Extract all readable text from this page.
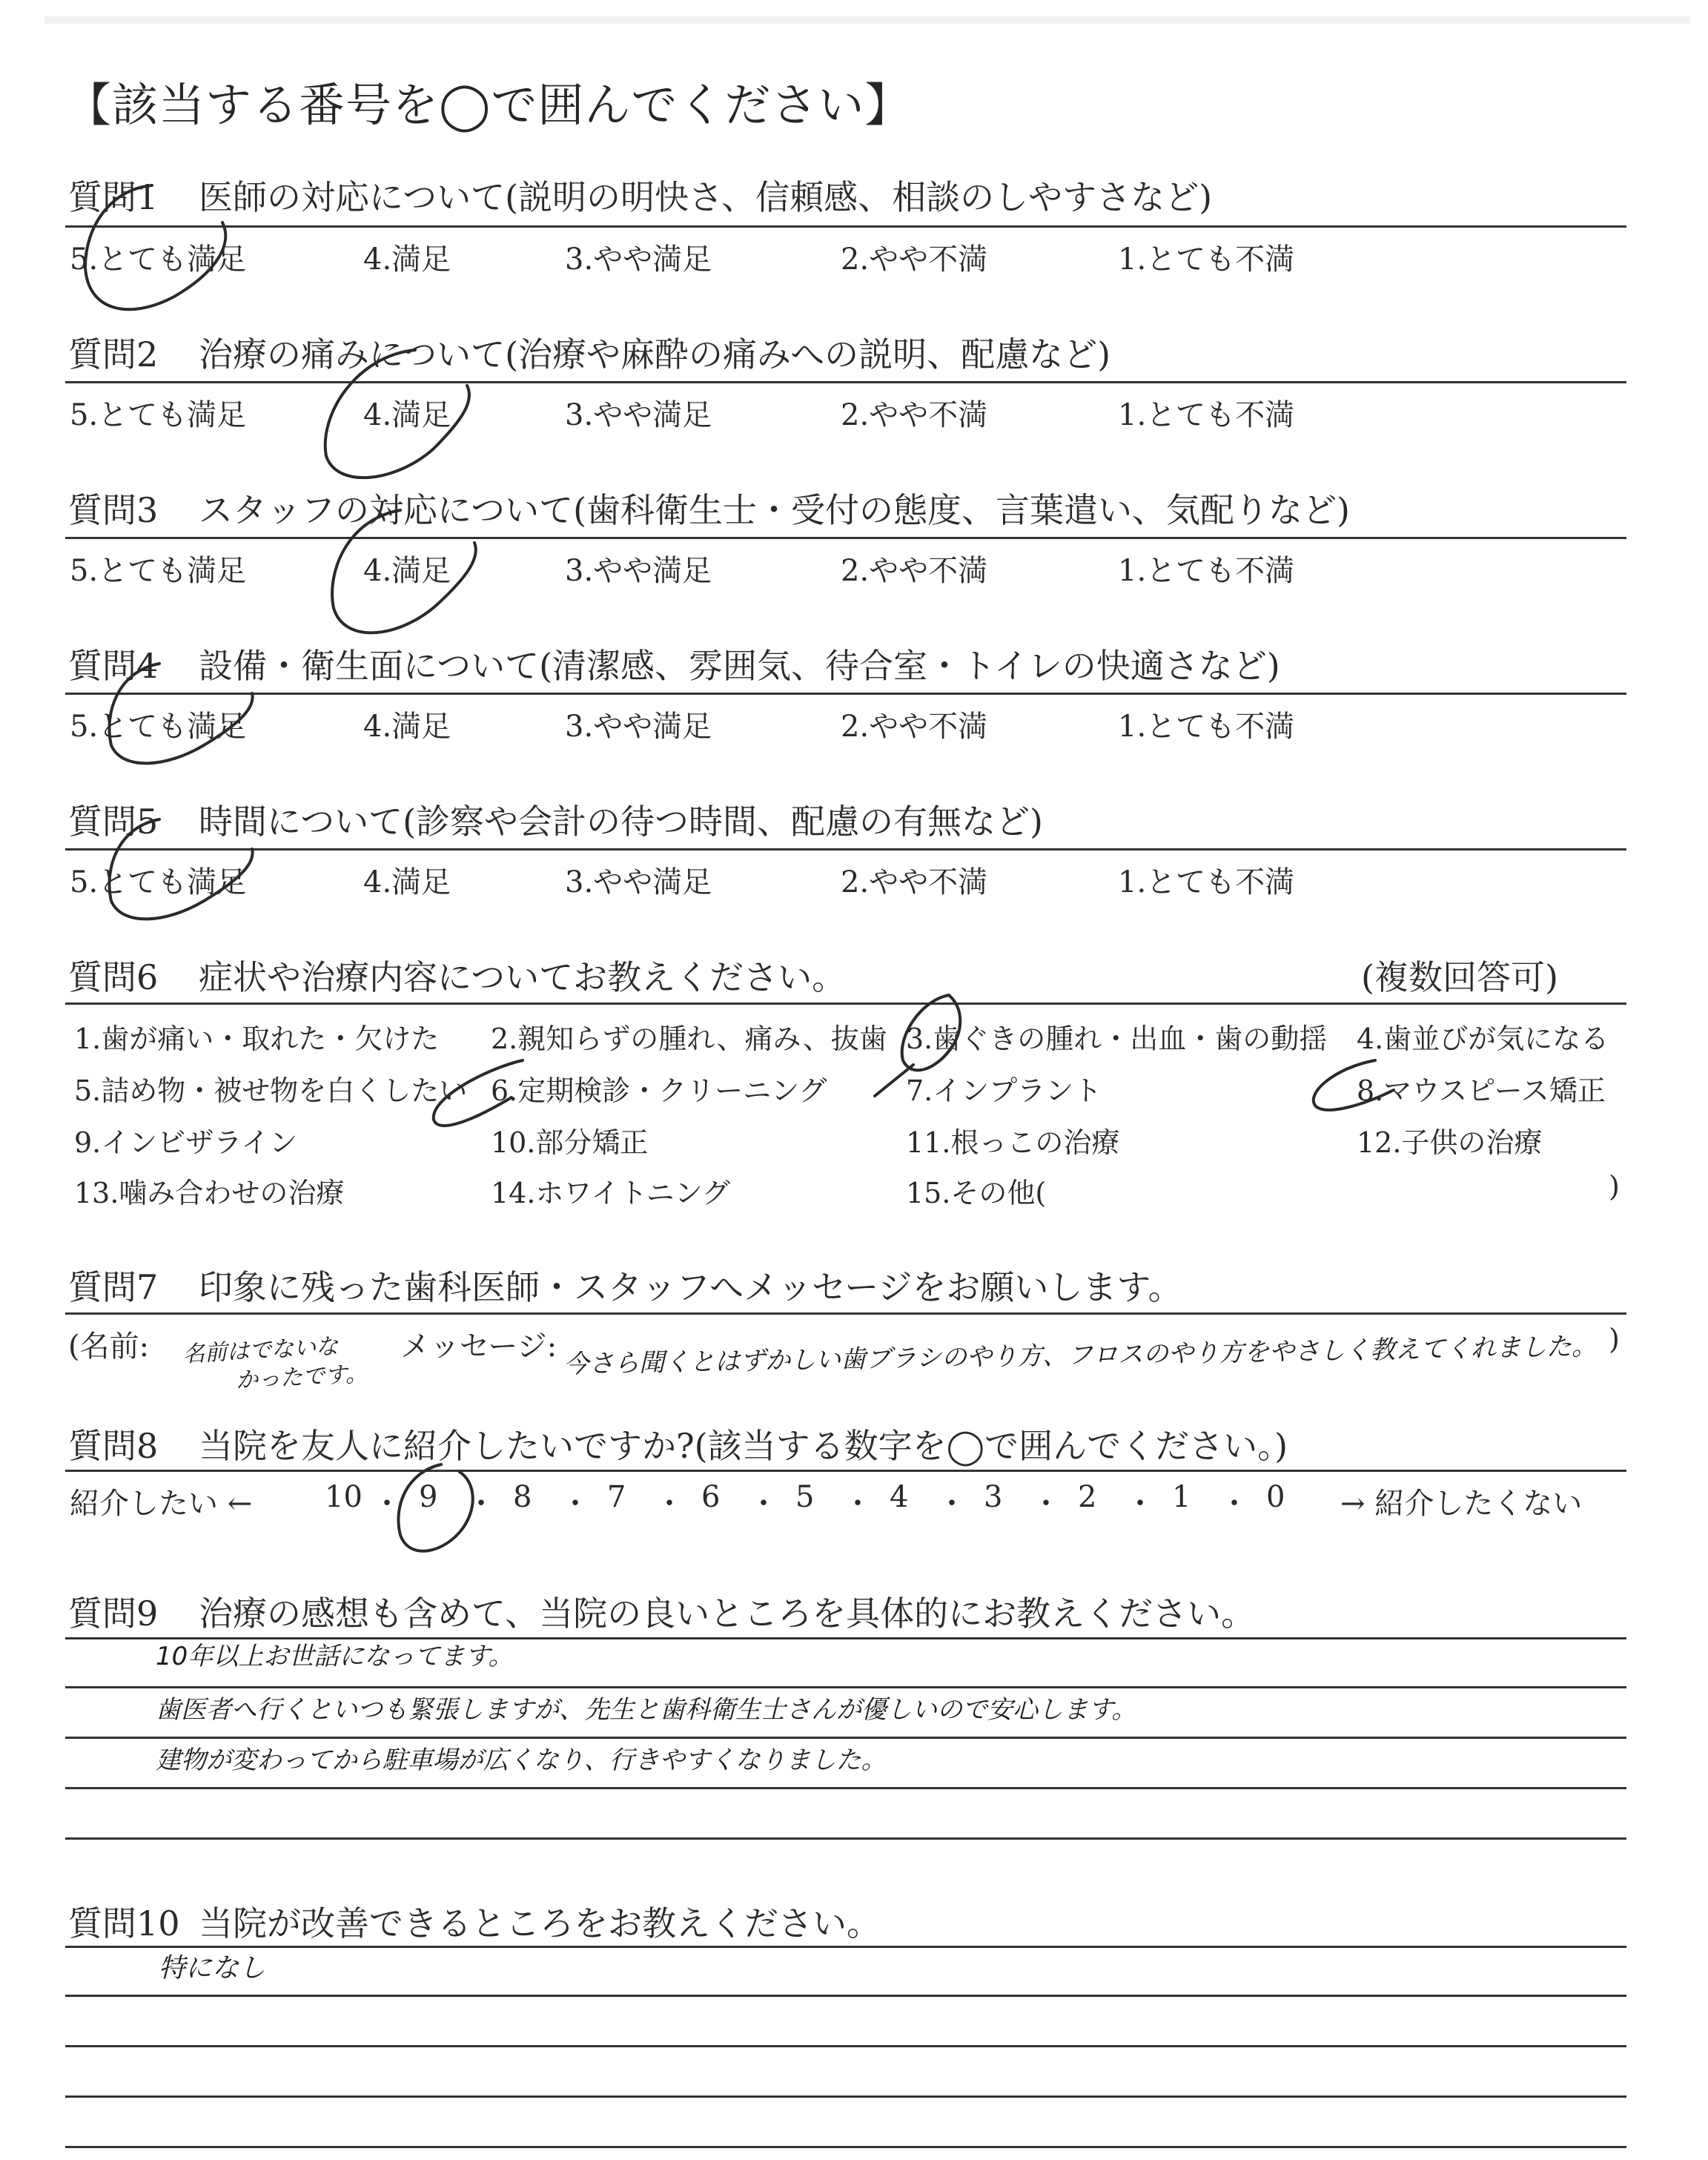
【該当する番号を◯で囲んでください】
質問1 医師の対応について(説明の明快さ、信頼感、相談のしやすさなど)
5.とても満足	4.満足	3.やや満足	2.やや不満	1.とても不満
質問2 治療の痛みについて(治療や麻酔の痛みへの説明、配慮など)
5.とても満足	4.満足	3.やや満足	2.やや不満	1.とても不満
質問3 スタッフの対応について(歯科衛生士・受付の態度、言葉遣い、気配りなど)
5.とても満足	4.満足	3.やや満足	2.やや不満	1.とても不満
質問4 設備・衛生面について(清潔感、雰囲気、待合室・トイレの快適さなど)
5.とても満足	4.満足	3.やや満足	2.やや不満	1.とても不満
質問5 時間について(診察や会計の待つ時間、配慮の有無など)
5.とても満足	4.満足	3.やや満足	2.やや不満	1.とても不満
質問6 症状や治療内容についてお教えください。	(複数回答可)
1.歯が痛い・取れた・欠けた 2.親知らずの腫れ、痛み、抜歯 3.歯ぐきの腫れ・出血・歯の動揺 4.歯並びが気になる
5.詰め物・被せ物を白くしたい 6.定期検診・クリーニング	7.インプラント	8.マウスピース矯正
9.インビザライン	10.部分矯正	11.根っこの治療	12.子供の治療
13.噛み合わせの治療	14.ホワイトニング	15.その他(	)
質問7 印象に残った歯科医師・スタッフへメッセージをお願いします。
(名前: 名前はでないな
かったです。
メッセージ: 今さら聞くとはずかしい歯ブラシのやり方、フロスのやり方をやさしく教えてくれました。 )
質問8 当院を友人に紹介したいですか?(該当する数字を◯で囲んでください。)
紹介したい ←	→ 紹介したくない
質問9 治療の感想も含めて、当院の良いところを具体的にお教えください。
10年以上お世話になってます。
歯医者へ行くといつも緊張しますが、先生と歯科衛生士さんが優しいので安心します。
建物が変わってから駐車場が広くなり、行きやすくなりました。
質問10 当院が改善できるところをお教えください。
特になし
10 ・ 9 ・ 8 ・ 7 ・ 6 ・ 5 ・ 4 ・ 3 ・ 2 ・ 1 ・ 0
